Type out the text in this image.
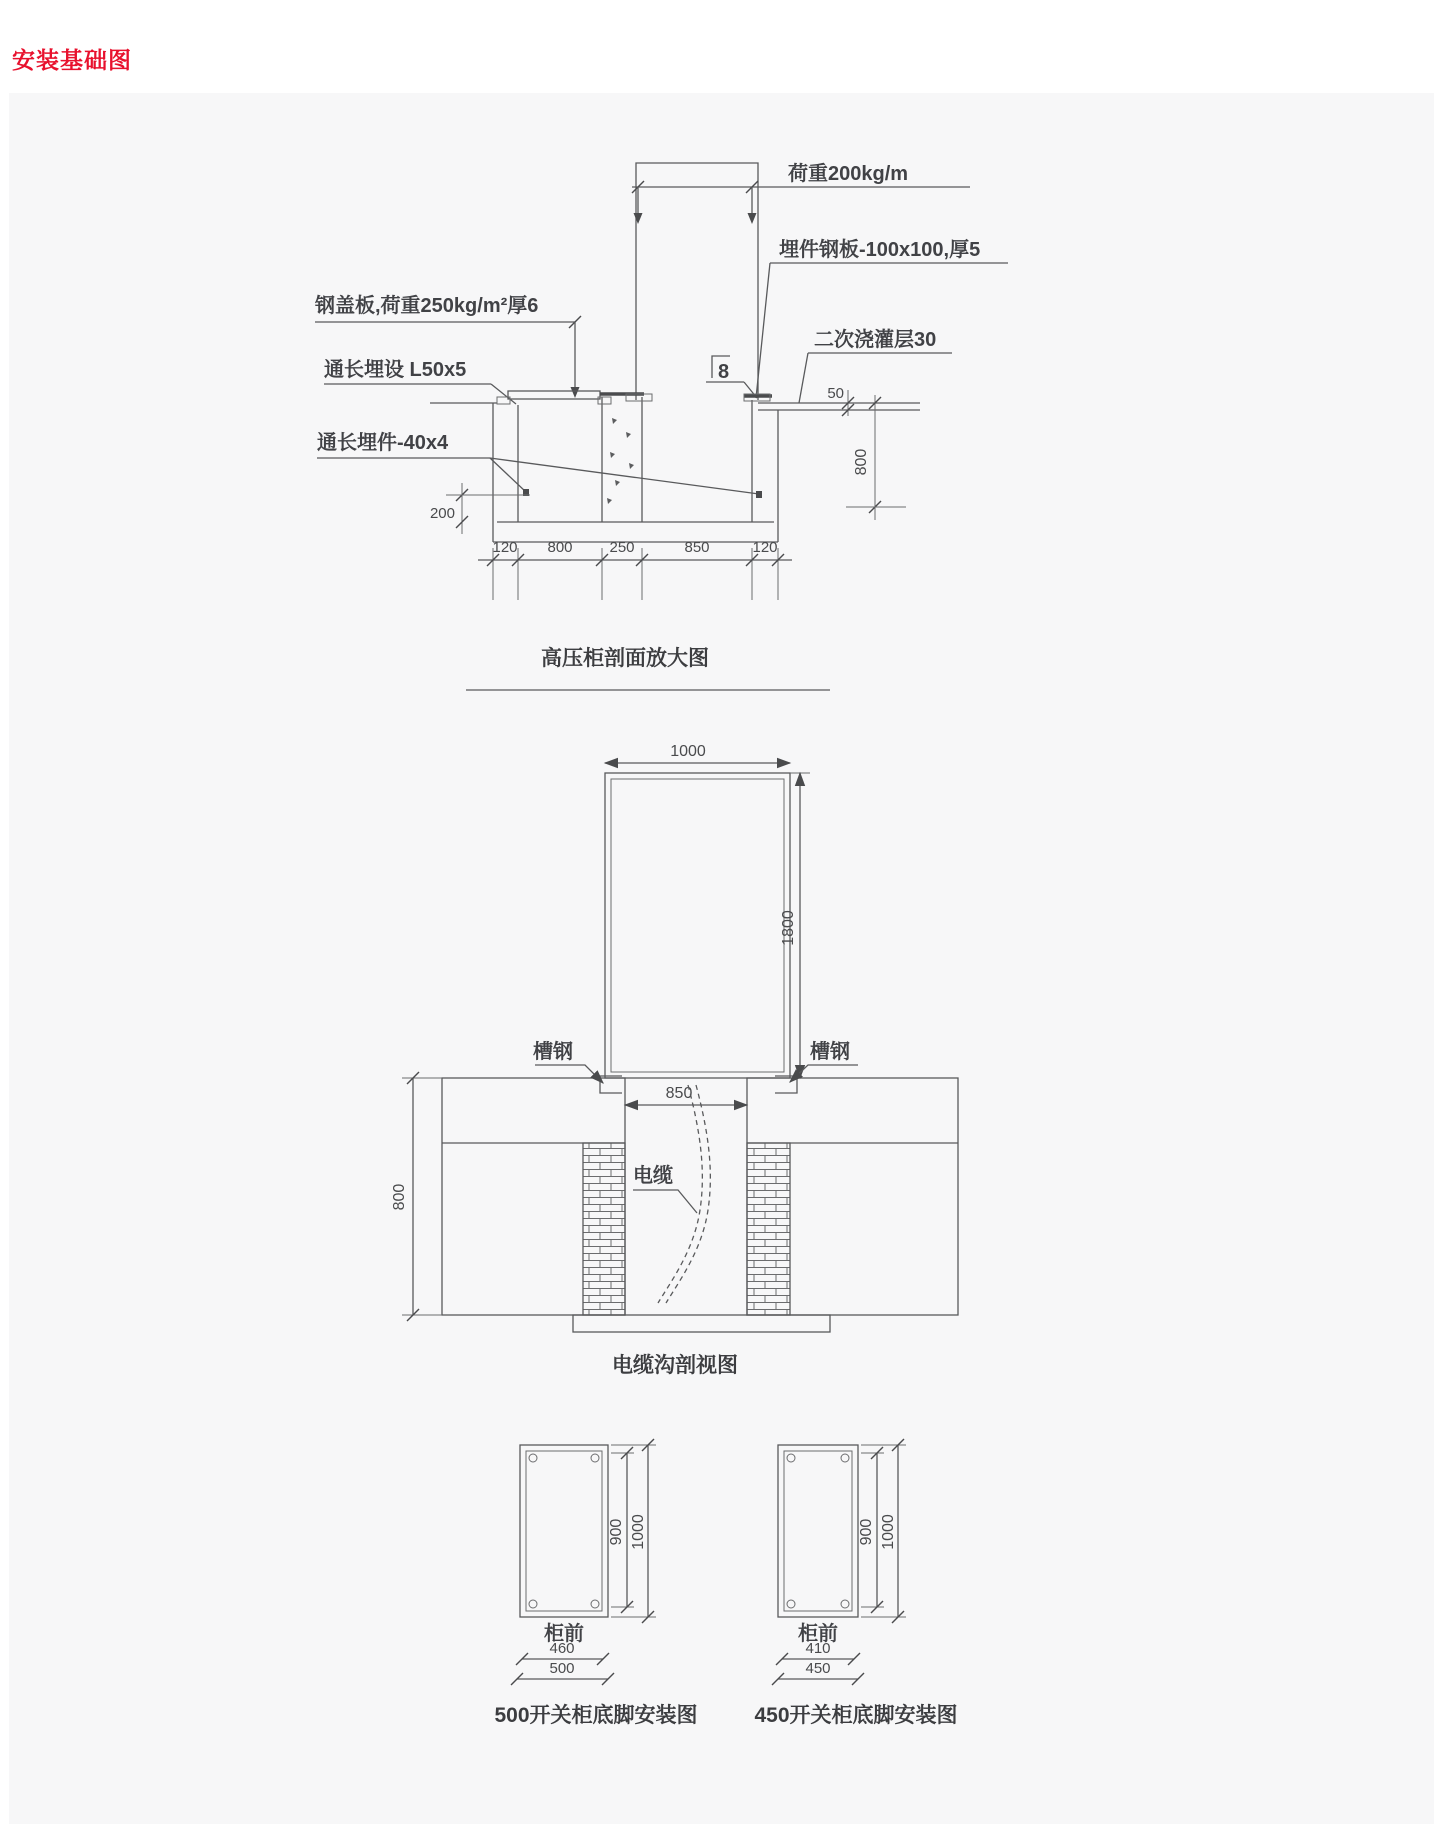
安装基础图
荷重200kg/m
埋件钢板-100x100,厚5
二次浇灌层30
钢盖板,荷重250kg/m²厚6
通长埋设 L50x5
通长埋件-40x4
8
50
800
200
120 800 250	850	120
高压柜剖面放大图
1000
1800
槽钢	槽钢
850
电缆
800
电缆沟剖视图
900 1000
柜前
460
500
500开关柜底脚安装图
900 1000
柜前
410
450
450开关柜底脚安装图
